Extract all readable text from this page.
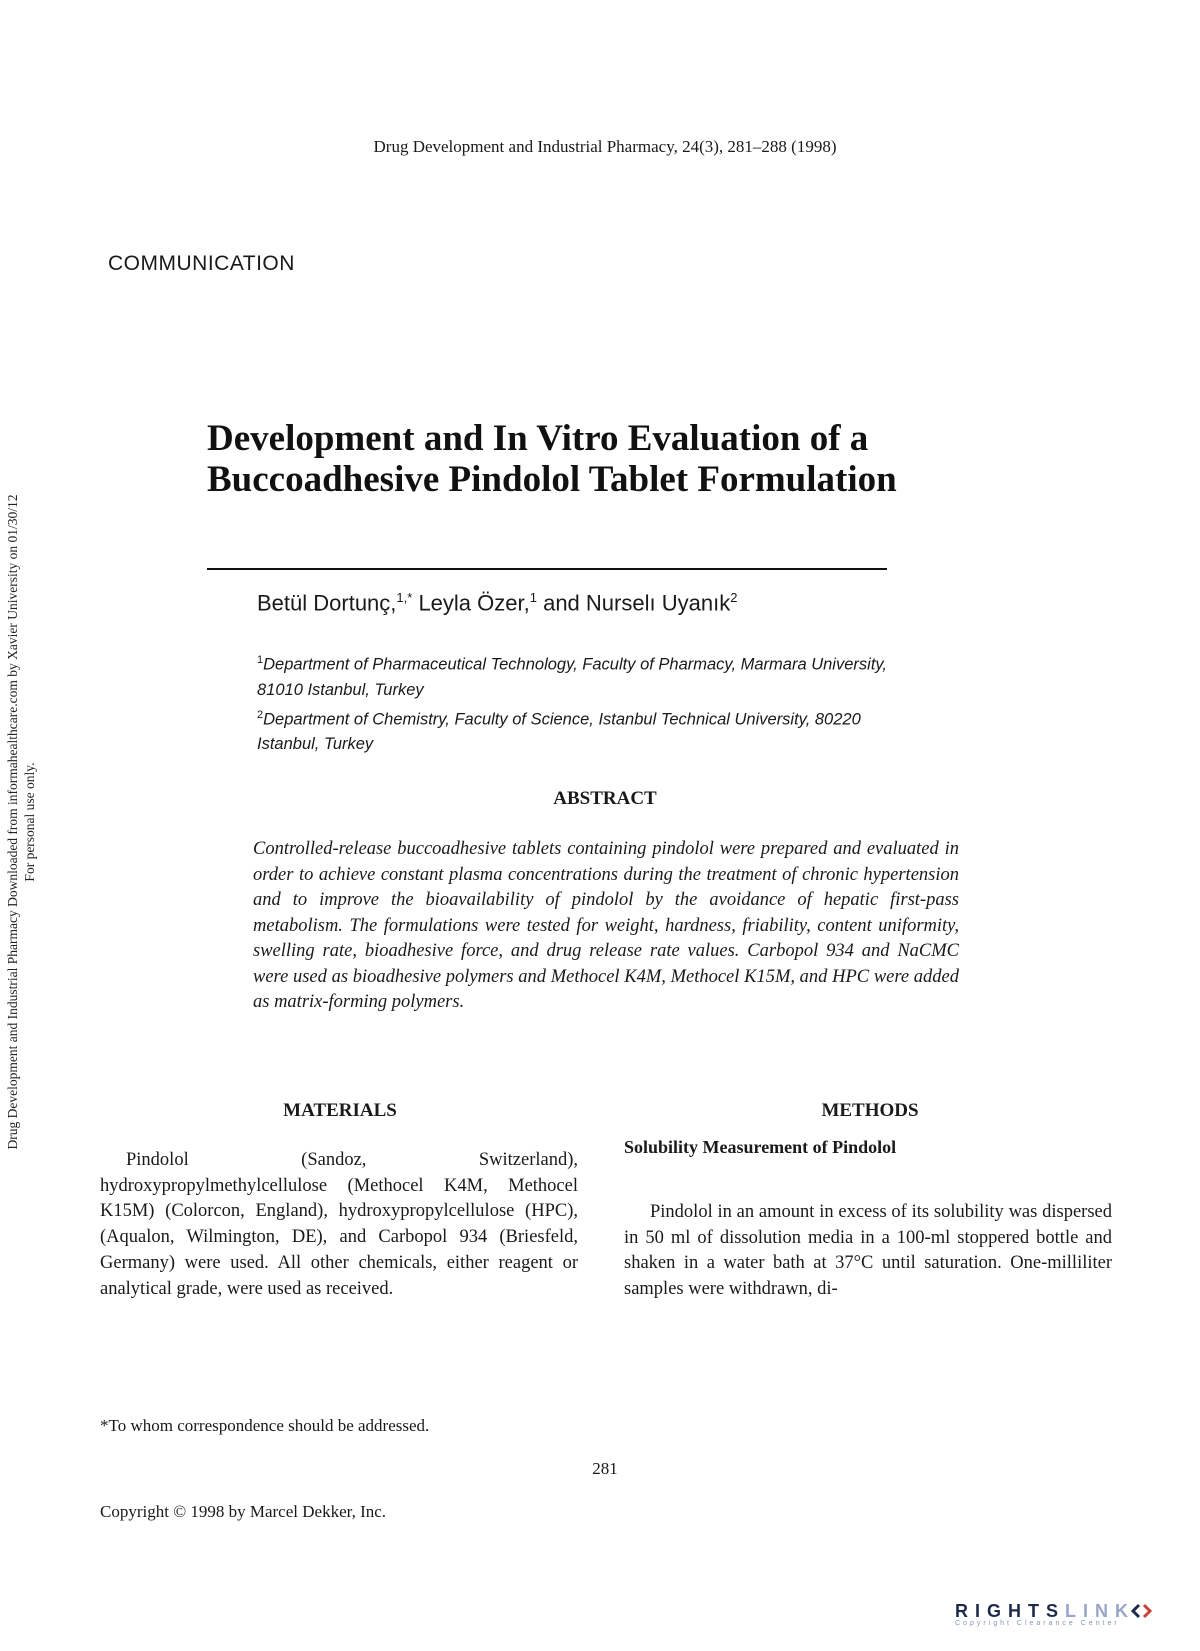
Drug Development and Industrial Pharmacy, 24(3), 281–288 (1998)
COMMUNICATION
Drug Development and Industrial Pharmacy Downloaded from informahealthcare.com by Xavier University on 01/30/12 For personal use only.
Development and In Vitro Evaluation of a Buccoadhesive Pindolol Tablet Formulation
Betül Dortunç,$^{1,*}$ Leyla Özer,$^1$ and Nurselı Uyanık$^2$
$^1$Department of Pharmaceutical Technology, Faculty of Pharmacy, Marmara University, 81010 Istanbul, Turkey
$^2$Department of Chemistry, Faculty of Science, Istanbul Technical University, 80220 Istanbul, Turkey
ABSTRACT
Controlled-release buccoadhesive tablets containing pindolol were prepared and evaluated in order to achieve constant plasma concentrations during the treatment of chronic hypertension and to improve the bioavailability of pindolol by the avoidance of hepatic first-pass metabolism. The formulations were tested for weight, hardness, friability, content uniformity, swelling rate, bioadhesive force, and drug release rate values. Carbopol 934 and NaCMC were used as bioadhesive polymers and Methocel K4M, Methocel K15M, and HPC were added as matrix-forming polymers.
MATERIALS
Pindolol (Sandoz, Switzerland), hydroxypropylmethylcellulose (Methocel K4M, Methocel K15M) (Colorcon, England), hydroxypropylcellulose (HPC), (Aqualon, Wilmington, DE), and Carbopol 934 (Briesfeld, Germany) were used. All other chemicals, either reagent or analytical grade, were used as received.
METHODS
Solubility Measurement of Pindolol
Pindolol in an amount in excess of its solubility was dispersed in 50 ml of dissolution media in a 100-ml stoppered bottle and shaken in a water bath at 37°C until saturation. One-milliliter samples were withdrawn, di-
*To whom correspondence should be addressed.
281
Copyright © 1998 by Marcel Dekker, Inc.
RIGHTSLINK
Copyright Clearance Center
